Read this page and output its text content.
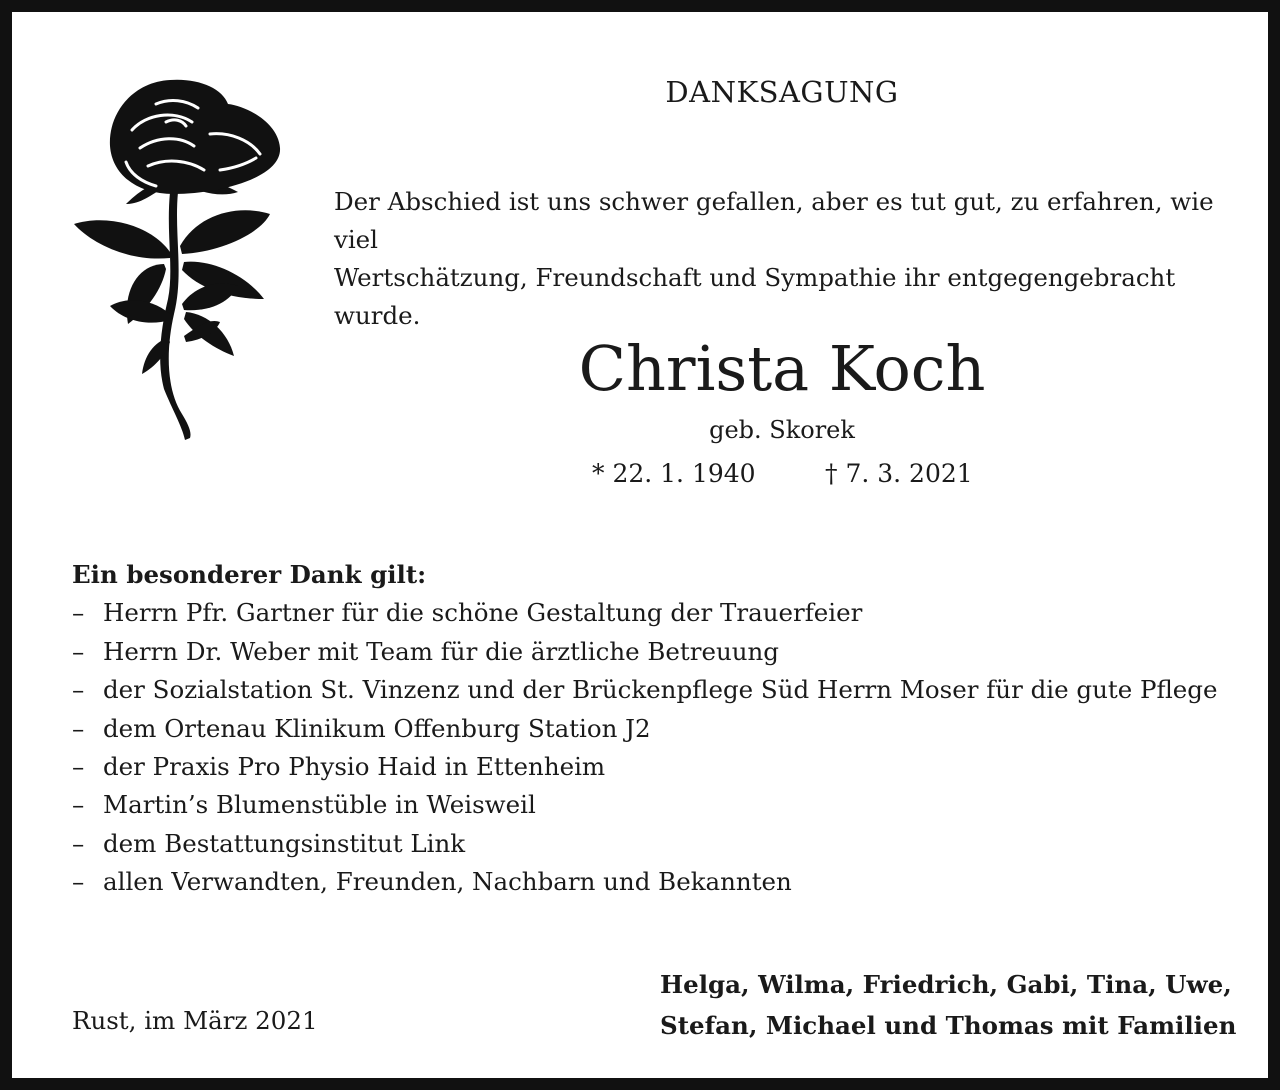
DANKSAGUNG
Der Abschied ist uns schwer gefallen, aber es tut gut, zu erfahren, wie viel
Wertschätzung, Freundschaft und Sympathie ihr entgegengebracht wurde.
Christa Koch
geb. Skorek
* 22. 1. 1940	† 7. 3. 2021
Ein besonderer Dank gilt:
– Herrn Pfr. Gartner für die schöne Gestaltung der Trauerfeier
– Herrn Dr. Weber mit Team für die ärztliche Betreuung
– der Sozialstation St. Vinzenz und der Brückenpflege Süd Herrn Moser für die gute Pflege
– dem Ortenau Klinikum Offenburg Station J2
– der Praxis Pro Physio Haid in Ettenheim
– Martin’s Blumenstüble in Weisweil
– dem Bestattungsinstitut Link
– allen Verwandten, Freunden, Nachbarn und Bekannten
Rust, im März 2021
Helga, Wilma, Friedrich, Gabi, Tina, Uwe,
Stefan, Michael und Thomas mit Familien
